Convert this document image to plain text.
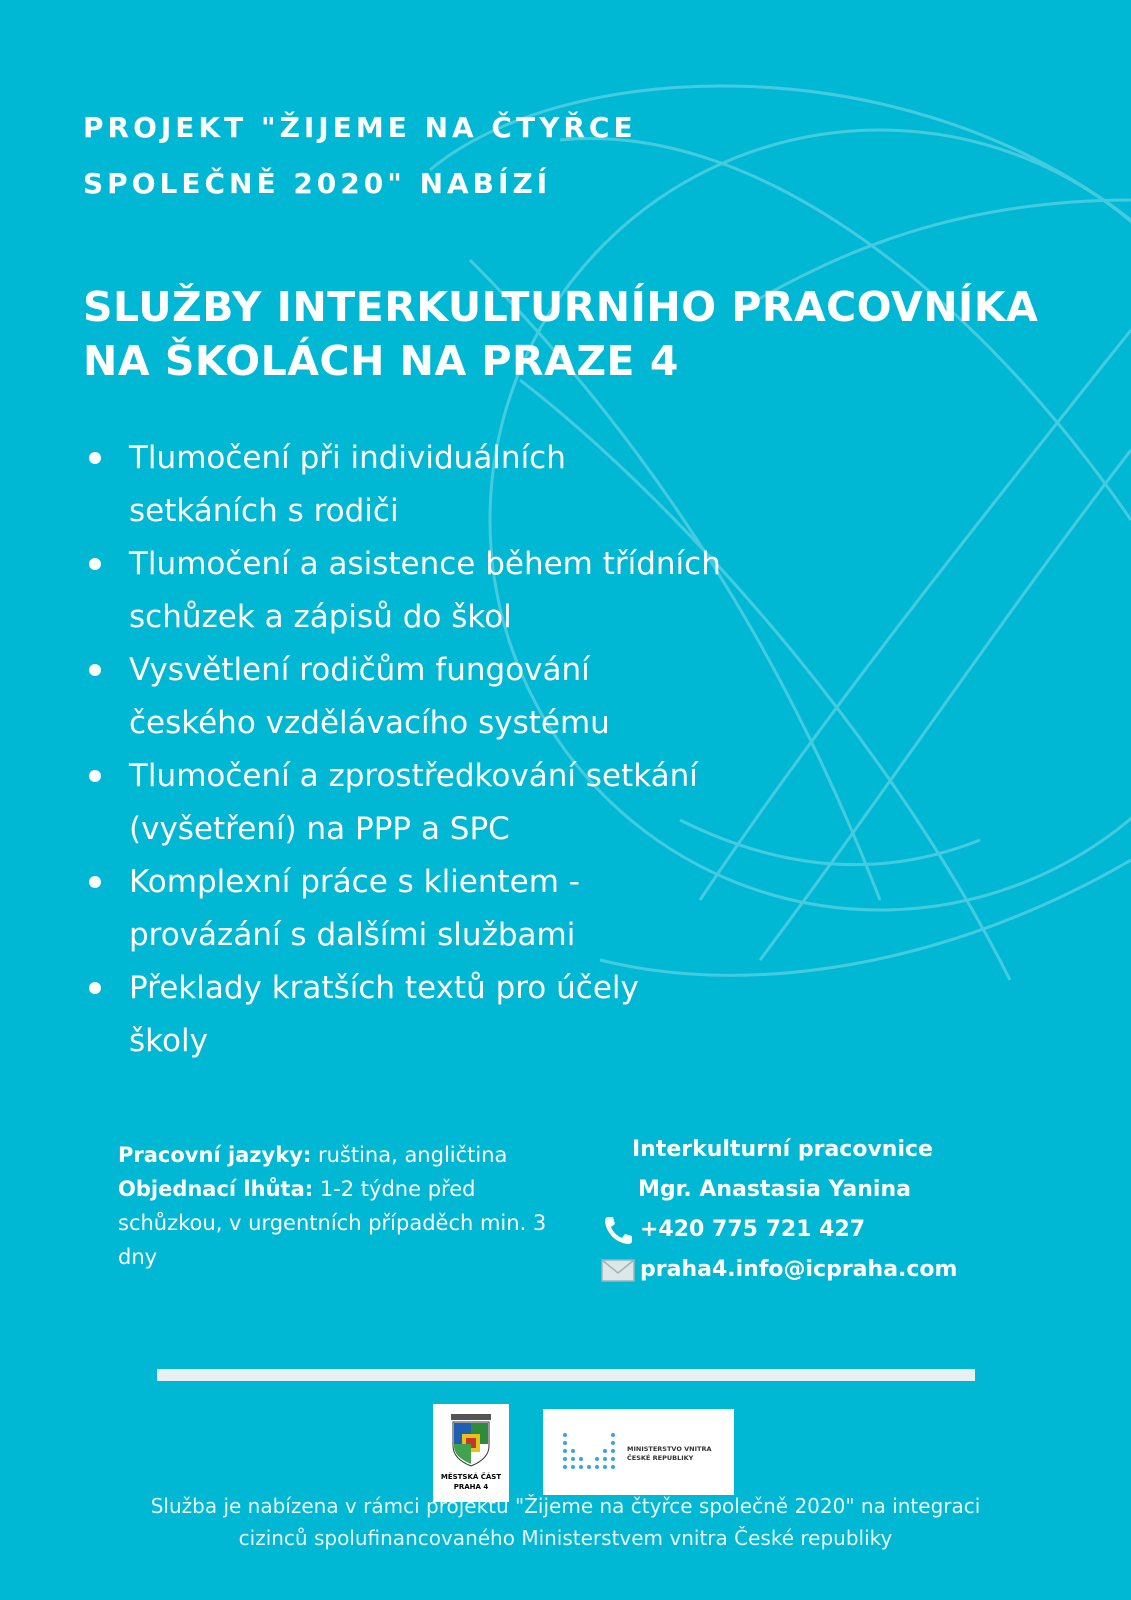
PROJEKT "ŽIJEME NA ČTYŘCE
SPOLEČNĚ 2020" NABÍZÍ
SLUŽBY INTERKULTURNÍHO PRACOVNÍKA
NA ŠKOLÁCH NA PRAZE 4
Tlumočení při individuálních setkáních s rodiči
Tlumočení a asistence během třídních schůzek a zápisů do škol
Vysvětlení rodičům fungování českého vzdělávacího systému
Tlumočení a zprostředkování setkání (vyšetření) na PPP a SPC
Komplexní práce s klientem - provázání s dalšími službami
Překlady kratších textů pro účely školy
Pracovní jazyky: ruština, angličtina
Objednací lhůta: 1-2 týdne před schůzkou, v urgentních případěch min. 3 dny
Interkulturní pracovnice
Mgr. Anastasia Yanina
+420 775 721 427
praha4.info@icpraha.com
MĚSTSKÁ ČÁST PRAHA 4
MINISTERSTVO VNITRA ČESKÉ REPUBLIKY
Služba je nabízena v rámci projektu "Žijeme na čtyřce společně 2020" na integraci
cizinců spolufinancovaného Ministerstvem vnitra České republiky
